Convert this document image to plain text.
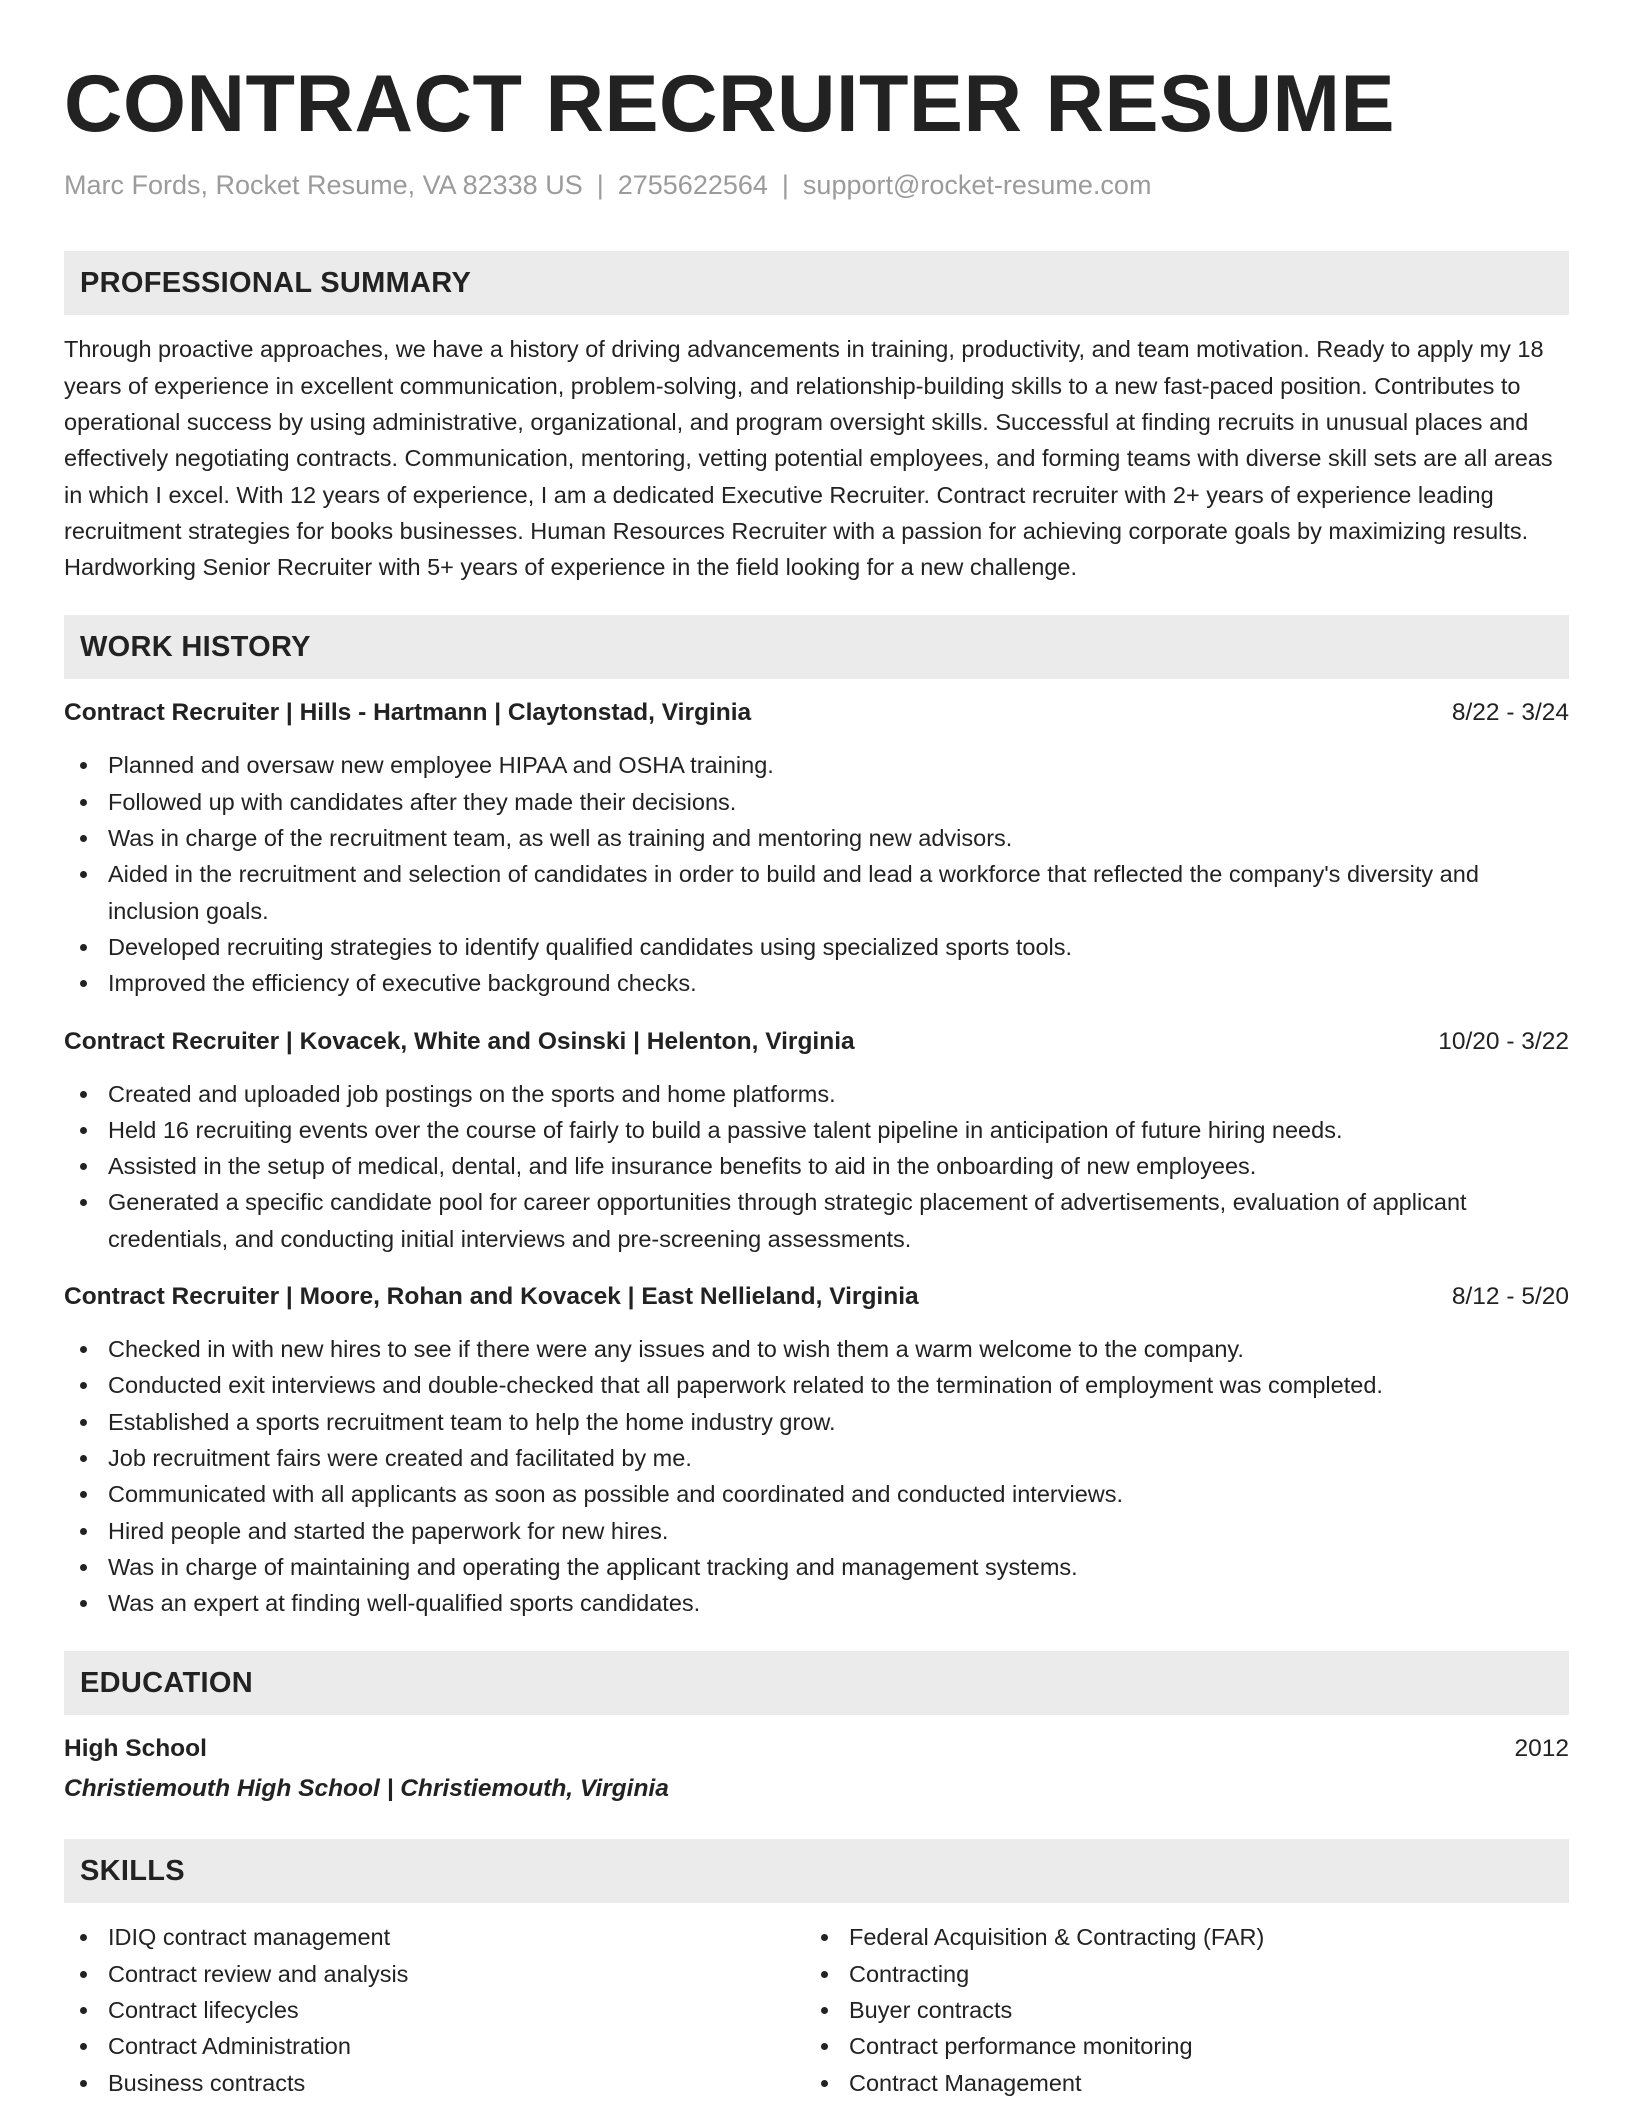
CONTRACT RECRUITER RESUME
Marc Fords, Rocket Resume, VA 82338 US | 2755622564 | support@rocket-resume.com
PROFESSIONAL SUMMARY
Through proactive approaches, we have a history of driving advancements in training, productivity, and team motivation. Ready to apply my 18 years of experience in excellent communication, problem-solving, and relationship-building skills to a new fast-paced position. Contributes to operational success by using administrative, organizational, and program oversight skills. Successful at finding recruits in unusual places and effectively negotiating contracts. Communication, mentoring, vetting potential employees, and forming teams with diverse skill sets are all areas in which I excel. With 12 years of experience, I am a dedicated Executive Recruiter. Contract recruiter with 2+ years of experience leading recruitment strategies for books businesses. Human Resources Recruiter with a passion for achieving corporate goals by maximizing results. Hardworking Senior Recruiter with 5+ years of experience in the field looking for a new challenge.
WORK HISTORY
Contract Recruiter | Hills - Hartmann | Claytonstad, Virginia	8/22 - 3/24
Planned and oversaw new employee HIPAA and OSHA training.
Followed up with candidates after they made their decisions.
Was in charge of the recruitment team, as well as training and mentoring new advisors.
Aided in the recruitment and selection of candidates in order to build and lead a workforce that reflected the company's diversity and inclusion goals.
Developed recruiting strategies to identify qualified candidates using specialized sports tools.
Improved the efficiency of executive background checks.
Contract Recruiter | Kovacek, White and Osinski | Helenton, Virginia	10/20 - 3/22
Created and uploaded job postings on the sports and home platforms.
Held 16 recruiting events over the course of fairly to build a passive talent pipeline in anticipation of future hiring needs.
Assisted in the setup of medical, dental, and life insurance benefits to aid in the onboarding of new employees.
Generated a specific candidate pool for career opportunities through strategic placement of advertisements, evaluation of applicant credentials, and conducting initial interviews and pre-screening assessments.
Contract Recruiter | Moore, Rohan and Kovacek | East Nellieland, Virginia	8/12 - 5/20
Checked in with new hires to see if there were any issues and to wish them a warm welcome to the company.
Conducted exit interviews and double-checked that all paperwork related to the termination of employment was completed.
Established a sports recruitment team to help the home industry grow.
Job recruitment fairs were created and facilitated by me.
Communicated with all applicants as soon as possible and coordinated and conducted interviews.
Hired people and started the paperwork for new hires.
Was in charge of maintaining and operating the applicant tracking and management systems.
Was an expert at finding well-qualified sports candidates.
EDUCATION
High School	2012
Christiemouth High School | Christiemouth, Virginia
SKILLS
IDIQ contract management
Contract review and analysis
Contract lifecycles
Contract Administration
Business contracts
Federal Acquisition & Contracting (FAR)
Contracting
Buyer contracts
Contract performance monitoring
Contract Management
